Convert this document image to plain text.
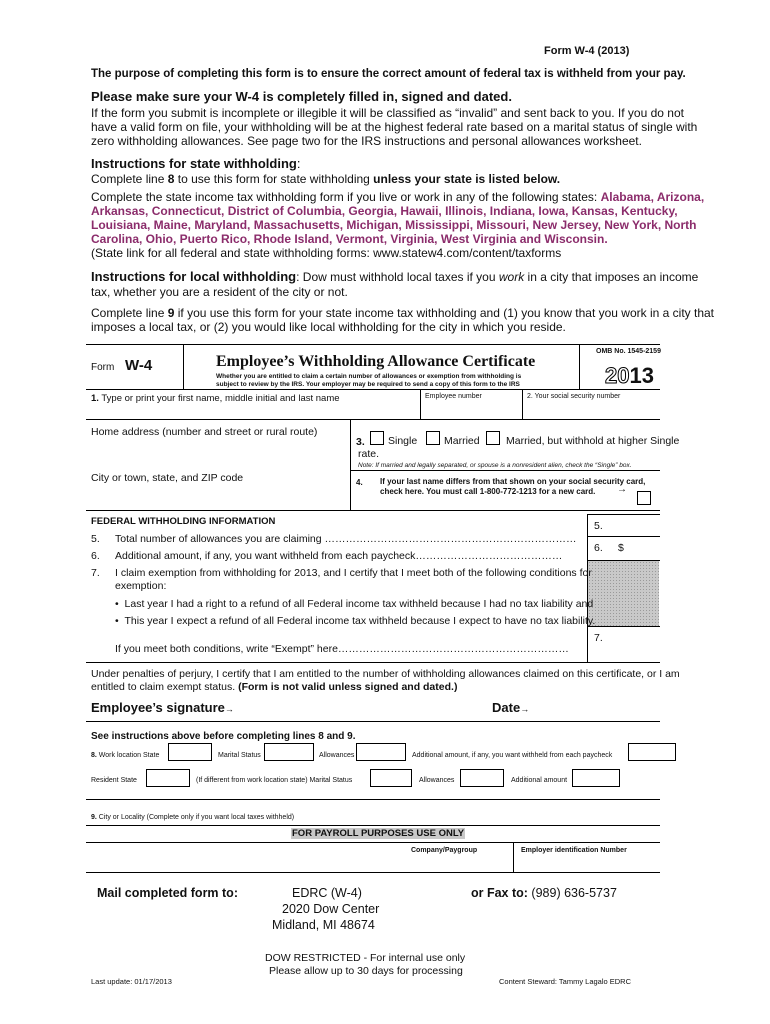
Form W-4 (2013)
The purpose of completing this form is to ensure the correct amount of federal tax is withheld from your pay.
Please make sure your W-4 is completely filled in, signed and dated.
If the form you submit is incomplete or illegible it will be classified as “invalid” and sent back to you. If you do not
have a valid form on file, your withholding will be at the highest federal rate based on a marital status of single with
zero withholding allowances. See page two for the IRS instructions and personal allowances worksheet.
Instructions for state withholding:
Complete line 8 to use this form for state withholding unless your state is listed below.
Complete the state income tax withholding form if you live or work in any of the following states: Alabama, Arizona,
Arkansas, Connecticut, District of Columbia, Georgia, Hawaii, Illinois, Indiana, Iowa, Kansas, Kentucky,
Louisiana, Maine, Maryland, Massachusetts, Michigan, Mississippi, Missouri, New Jersey, New York, North
Carolina, Ohio, Puerto Rico, Rhode Island, Vermont, Virginia, West Virginia and Wisconsin.
(State link for all federal and state withholding forms: www.statew4.com/content/taxforms
Instructions for local withholding: Dow must withhold local taxes if you work in a city that imposes an income
tax, whether you are a resident of the city or not.
Complete line 9 if you use this form for your state income tax withholding and (1) you know that you work in a city that
imposes a local tax, or (2) you would like local withholding for the city in which you reside.
OMB No. 1545-2159
Form W-4	Employee’s Withholding Allowance Certificate
Whether you are entitled to claim a certain number of allowances or exemption from withholding is
subject to review by the IRS. Your employer may be required to send a copy of this form to the IRS	2013
1. Type or print your first name, middle initial and last name	Employee number	2. Your social security number
Home address (number and street or rural route)
3. Single	Married	Married, but withhold at higher Single
rate.
Note: If married and legally separated, or spouse is a nonresident alien, check the “Single” box.
City or town, state, and ZIP code	4. If your last name differs from that shown on your social security card,
check here. You must call 1-800-772-1213 for a new card. →
FEDERAL WITHHOLDING INFORMATION
5. Total number of allowances you are claiming ………………………………………………………………
6. Additional amount, if any, you want withheld from each paycheck……………………………………
7. I claim exemption from withholding for 2013, and I certify that I meet both of the following conditions for
exemption:
•  Last year I had a right to a refund of all Federal income tax withheld because I had no tax liability and
•  This year I expect a refund of all Federal income tax withheld because I expect to have no tax liability.
If you meet both conditions, write “Exempt” here…………………………………………………………
5.
6. $
7.
Under penalties of perjury, I certify that I am entitled to the number of withholding allowances claimed on this certificate, or I am
entitled to claim exempt status. (Form is not valid unless signed and dated.)
Employee’s signature→	Date→
See instructions above before completing lines 8 and 9.
8. Work location State	Marital Status	Allowances	Additional amount, if any, you want withheld from each paycheck
Resident State	(If different from work location state) Marital Status	Allowances	Additional amount
9. City or Locality (Complete only if you want local taxes withheld)
FOR PAYROLL PURPOSES USE ONLY
Company/Paygroup	Employer identification Number
Mail completed form to:	EDRC (W-4)
2020 Dow Center
Midland, MI 48674
or Fax to: (989) 636-5737
DOW RESTRICTED - For internal use only
Please allow up to 30 days for processing
Last update: 01/17/2013	Content Steward: Tammy Lagalo EDRC
